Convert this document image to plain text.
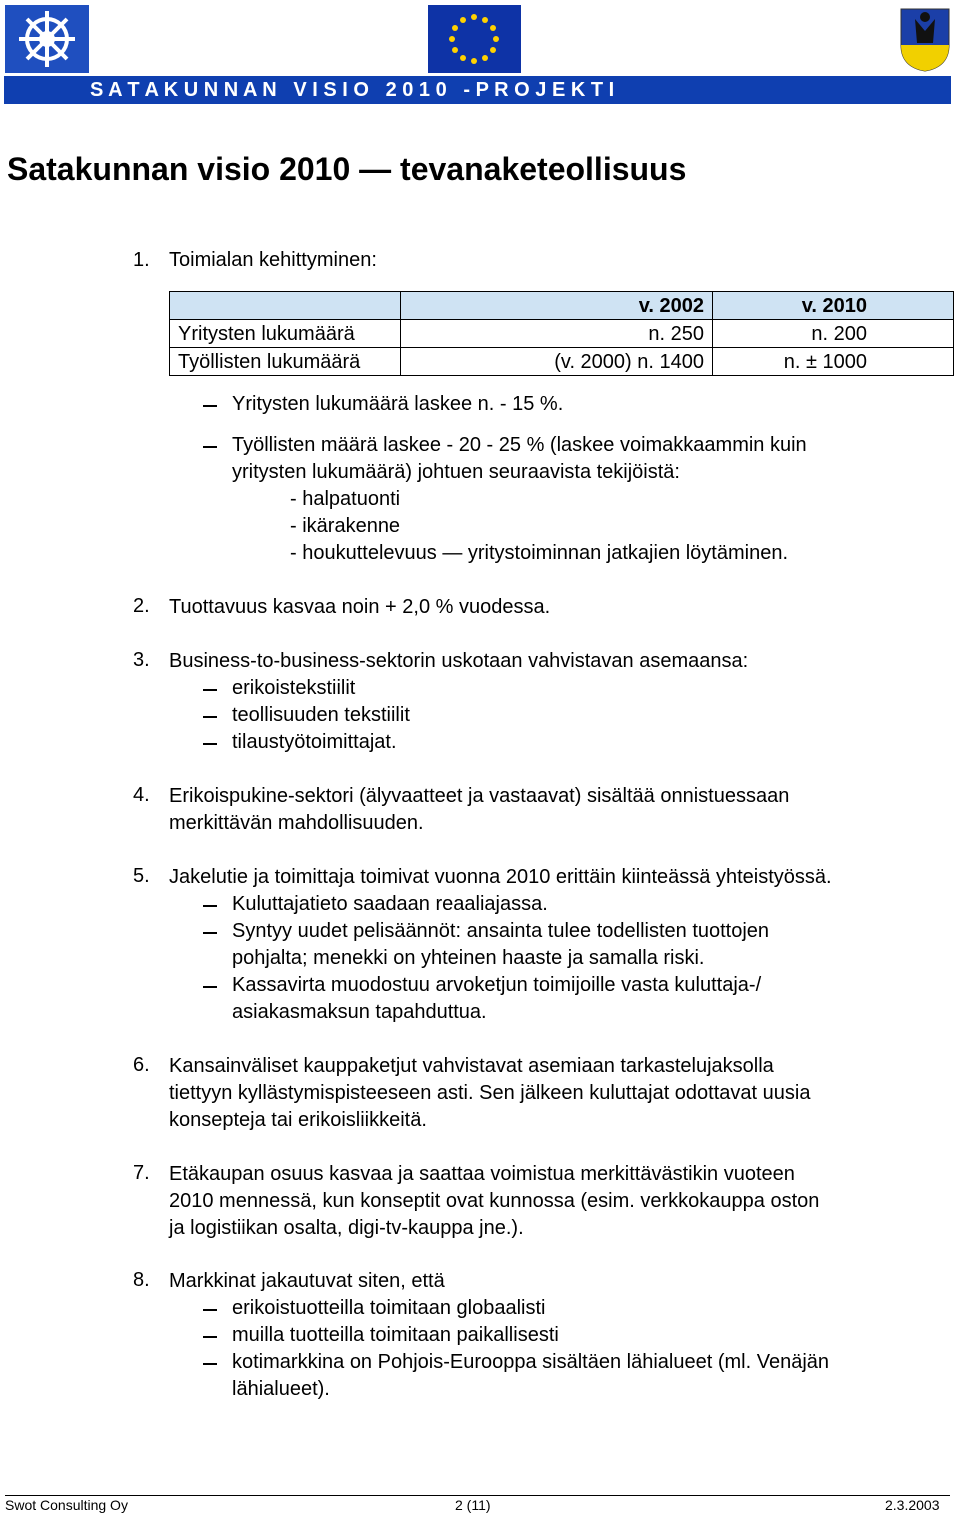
S A T A K U N N A N   V I S I O   2 0 1 0   - P R O J E K T I
Satakunnan visio 2010 — tevanaketeollisuus
1. Toimialan kehittyminen:
	v. 2002	v. 2010
Yritysten lukumäärä	n. 250	n. 200
Työllisten lukumäärä	(v. 2000) n. 1400	n. ± 1000
Yritysten lukumäärä laskee n. - 15 %.
Työllisten määrä laskee - 20 - 25 % (laskee voimakkaammin kuin
yritysten lukumäärä) johtuen seuraavista tekijöistä:
- halpatuonti
- ikärakenne
- houkuttelevuus — yritystoiminnan jatkajien löytäminen.
2. Tuottavuus kasvaa noin + 2,0 % vuodessa.
3. Business-to-business-sektorin uskotaan vahvistavan asemaansa:
erikoistekstiilit
teollisuuden tekstiilit
tilaustyötoimittajat.
4. Erikoispukine-sektori (älyvaatteet ja vastaavat) sisältää onnistuessaan
merkittävän mahdollisuuden.
5. Jakelutie ja toimittaja toimivat vuonna 2010 erittäin kiinteässä yhteistyössä.
Kuluttajatieto saadaan reaaliajassa.
Syntyy uudet pelisäännöt: ansainta tulee todellisten tuottojen
pohjalta; menekki on yhteinen haaste ja samalla riski.
Kassavirta muodostuu arvoketjun toimijoille vasta kuluttaja-/
asiakasmaksun tapahduttua.
6. Kansainväliset kauppaketjut vahvistavat asemiaan tarkastelujaksolla
tiettyyn kyllästymispisteeseen asti. Sen jälkeen kuluttajat odottavat uusia
konsepteja tai erikoisliikkeitä.
7. Etäkaupan osuus kasvaa ja saattaa voimistua merkittävästikin vuoteen
2010 mennessä, kun konseptit ovat kunnossa (esim. verkkokauppa oston
ja logistiikan osalta, digi-tv-kauppa jne.).
8. Markkinat jakautuvat siten, että
erikoistuotteilla toimitaan globaalisti
muilla tuotteilla toimitaan paikallisesti
kotimarkkina on Pohjois-Eurooppa sisältäen lähialueet (ml. Venäjän
lähialueet).
Swot Consulting Oy	2 (11)	2.3.2003
